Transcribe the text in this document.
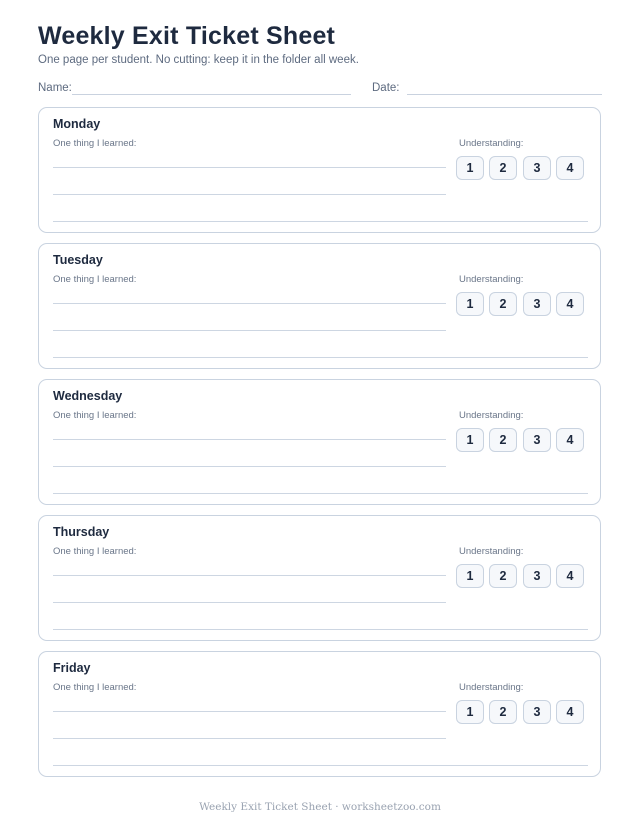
Weekly Exit Ticket Sheet
One page per student. No cutting: keep it in the folder all week.
Name:	Date:
Monday
One thing I learned:	Understanding:
1	2	3	4
Tuesday
One thing I learned:	Understanding:
1	2	3	4
Wednesday
One thing I learned:	Understanding:
1	2	3	4
Thursday
One thing I learned:	Understanding:
1	2	3	4
Friday
One thing I learned:	Understanding:
1	2	3	4
Weekly Exit Ticket Sheet · worksheetzoo.com
